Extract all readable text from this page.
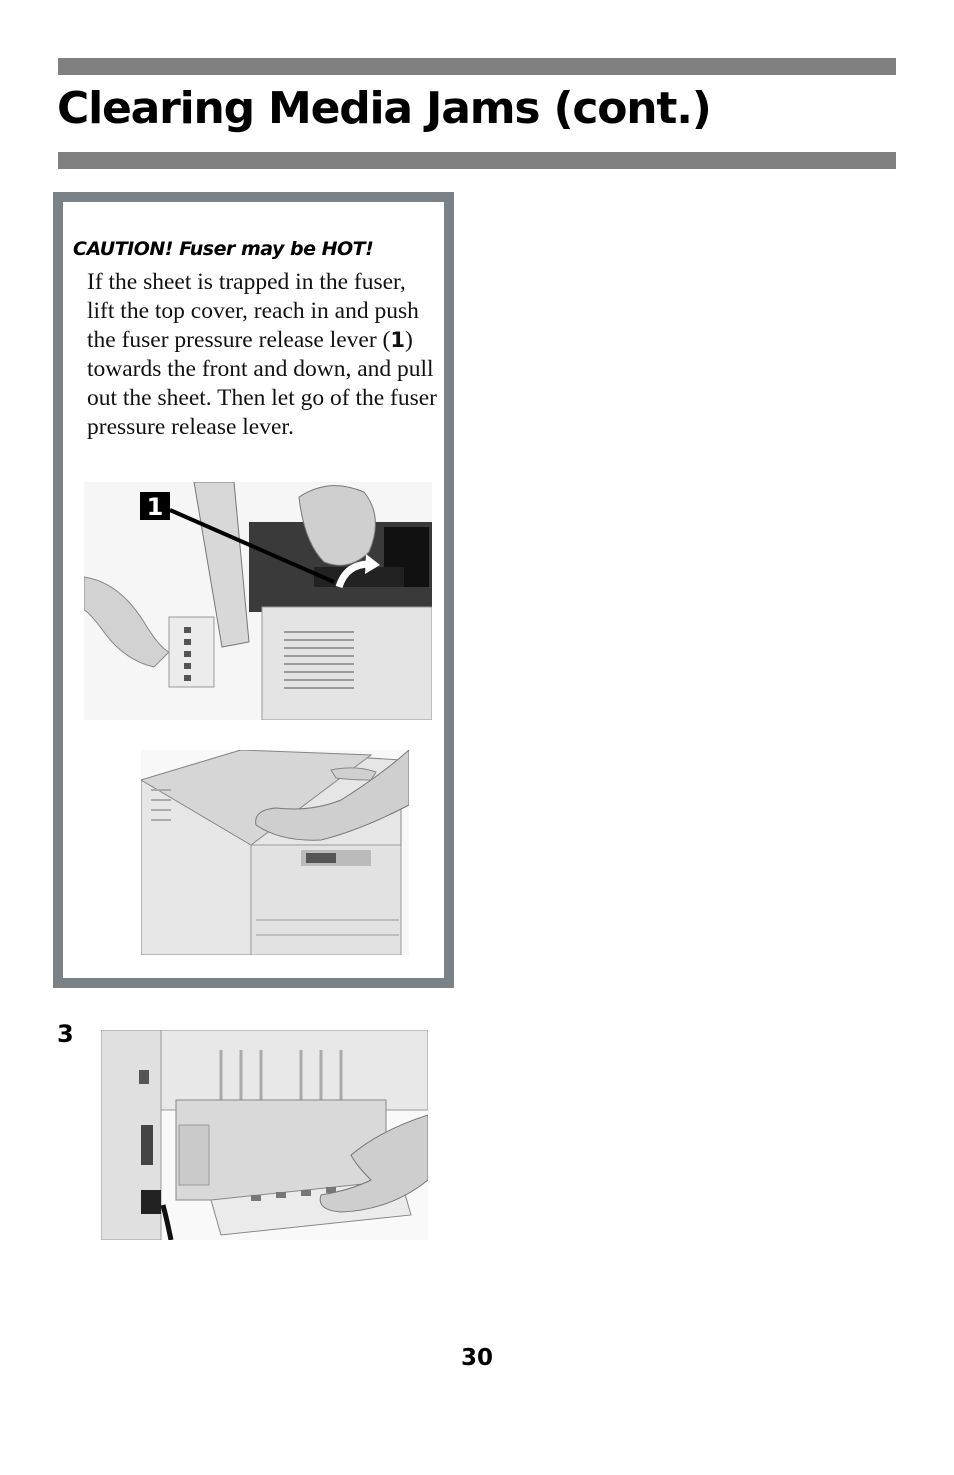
Clearing Media Jams (cont.)

CAUTION! Fuser may be HOT!

If the sheet is trapped in the fuser, lift the top cover, reach in and push the fuser pressure release lever (1) towards the front and down, and pull out the sheet. Then let go of the fuser pressure release lever.

1
3
30
